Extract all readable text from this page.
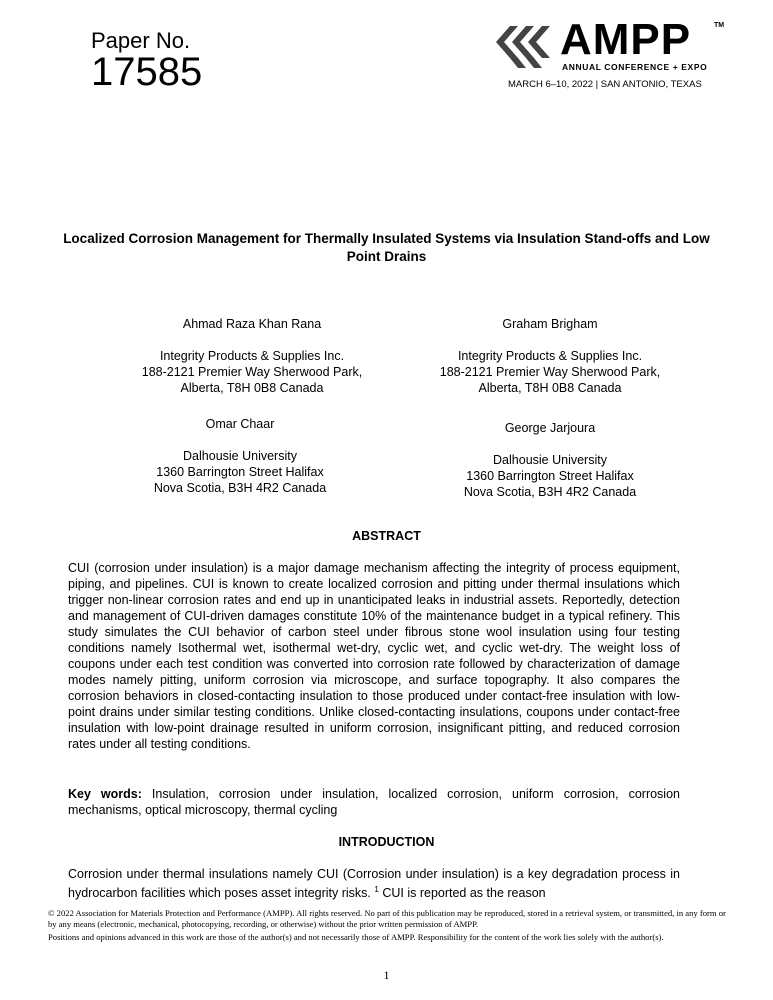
Paper No.
17585
AMPP	TM
ANNUAL CONFERENCE + EXPO
MARCH 6–10, 2022 | SAN ANTONIO, TEXAS
Localized Corrosion Management for Thermally Insulated Systems via Insulation Stand-offs and Low Point Drains
Ahmad Raza Khan Rana
Integrity Products & Supplies Inc.
188-2121 Premier Way Sherwood Park,
Alberta, T8H 0B8 Canada
Graham Brigham
Integrity Products & Supplies Inc.
188-2121 Premier Way Sherwood Park,
Alberta, T8H 0B8 Canada
Omar Chaar
Dalhousie University
1360 Barrington Street Halifax
Nova Scotia, B3H 4R2 Canada
George Jarjoura
Dalhousie University
1360 Barrington Street Halifax
Nova Scotia, B3H 4R2 Canada
ABSTRACT
CUI (corrosion under insulation) is a major damage mechanism affecting the integrity of process equipment, piping, and pipelines. CUI is known to create localized corrosion and pitting under thermal insulations which trigger non-linear corrosion rates and end up in unanticipated leaks in industrial assets. Reportedly, detection and management of CUI-driven damages constitute 10% of the maintenance budget in a typical refinery. This study simulates the CUI behavior of carbon steel under fibrous stone wool insulation using four testing conditions namely Isothermal wet, isothermal wet-dry, cyclic wet, and cyclic wet-dry. The weight loss of coupons under each test condition was converted into corrosion rate followed by characterization of damage modes namely pitting, uniform corrosion via microscope, and surface topography. It also compares the corrosion behaviors in closed-contacting insulation to those produced under contact-free insulation with low-point drains under similar testing conditions. Unlike closed-contacting insulations, coupons under contact-free insulation with low-point drainage resulted in uniform corrosion, insignificant pitting, and reduced corrosion rates under all testing conditions.
Key words: Insulation, corrosion under insulation, localized corrosion, uniform corrosion, corrosion mechanisms, optical microscopy, thermal cycling
INTRODUCTION
Corrosion under thermal insulations namely CUI (Corrosion under insulation) is a key degradation process in hydrocarbon facilities which poses asset integrity risks. $^1$ CUI is reported as the reason

© 2022 Association for Materials Protection and Performance (AMPP). All rights reserved. No part of this publication may be reproduced, stored in a retrieval system, or transmitted, in any form or by any means (electronic, mechanical, photocopying, recording, or otherwise) without the prior written permission of AMPP.

Positions and opinions advanced in this work are those of the author(s) and not necessarily those of AMPP. Responsibility for the content of the work lies solely with the author(s).

1
